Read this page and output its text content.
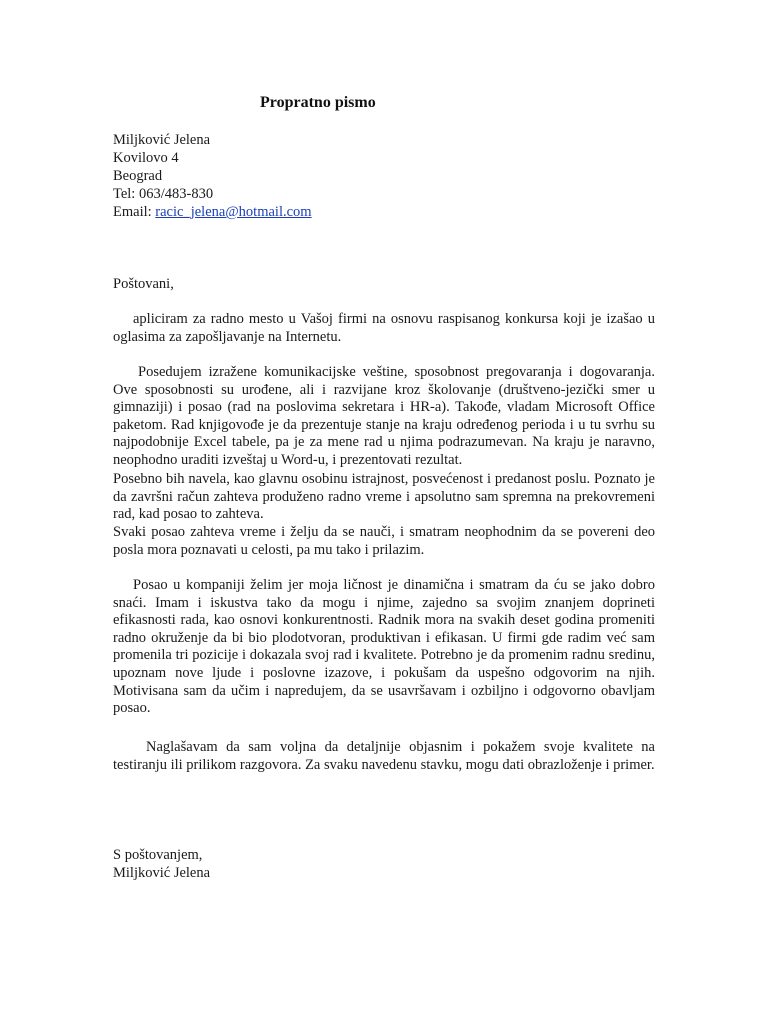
Propratno pismo

Miljković Jelena

Kovilovo 4

Beograd

Tel: 063/483-830

Email: racic_jelena@hotmail.com

Poštovani,

apliciram za radno mesto u Vašoj firmi na osnovu raspisanog konkursa koji je izašao u oglasima za zapošljavanje na Internetu.

Posedujem izražene komunikacijske veštine, sposobnost pregovaranja i dogovaranja. Ove sposobnosti su urođene, ali i razvijane kroz školovanje (društveno-jezički smer u gimnaziji) i posao (rad na poslovima sekretara i HR-a). Takođe, vladam Microsoft Office paketom. Rad knjigovođe je da prezentuje stanje na kraju određenog perioda i u tu svrhu su najpodobnije Excel tabele, pa je za mene rad u njima podrazumevan. Na kraju je naravno, neophodno uraditi izveštaj u Word-u, i prezentovati rezultat.

Posebno bih navela, kao glavnu osobinu istrajnost, posvećenost i predanost poslu. Poznato je da završni račun zahteva produženo radno vreme i apsolutno sam spremna na prekovremeni rad, kad posao to zahteva.

Svaki posao zahteva vreme i želju da se nauči, i smatram neophodnim da se povereni deo posla mora poznavati u celosti, pa mu tako i prilazim.

Posao u kompaniji želim jer moja ličnost je dinamična i smatram da ću se jako dobro snaći. Imam i iskustva tako da mogu i njime, zajedno sa svojim znanjem doprineti efikasnosti rada, kao osnovi konkurentnosti. Radnik mora na svakih deset godina promeniti radno okruženje da bi bio plodotvoran, produktivan i efikasan. U firmi gde radim već sam promenila tri pozicije i dokazala svoj rad i kvalitete. Potrebno je da promenim radnu sredinu, upoznam nove ljude i poslovne izazove, i pokušam da uspešno odgovorim na njih. Motivisana sam da učim i napredujem, da se usavršavam i ozbiljno i odgovorno obavljam posao.

Naglašavam da sam voljna da detaljnije objasnim i pokažem svoje kvalitete na testiranju ili prilikom razgovora. Za svaku navedenu stavku, mogu dati obrazloženje i primer.

S poštovanjem,

Miljković Jelena
